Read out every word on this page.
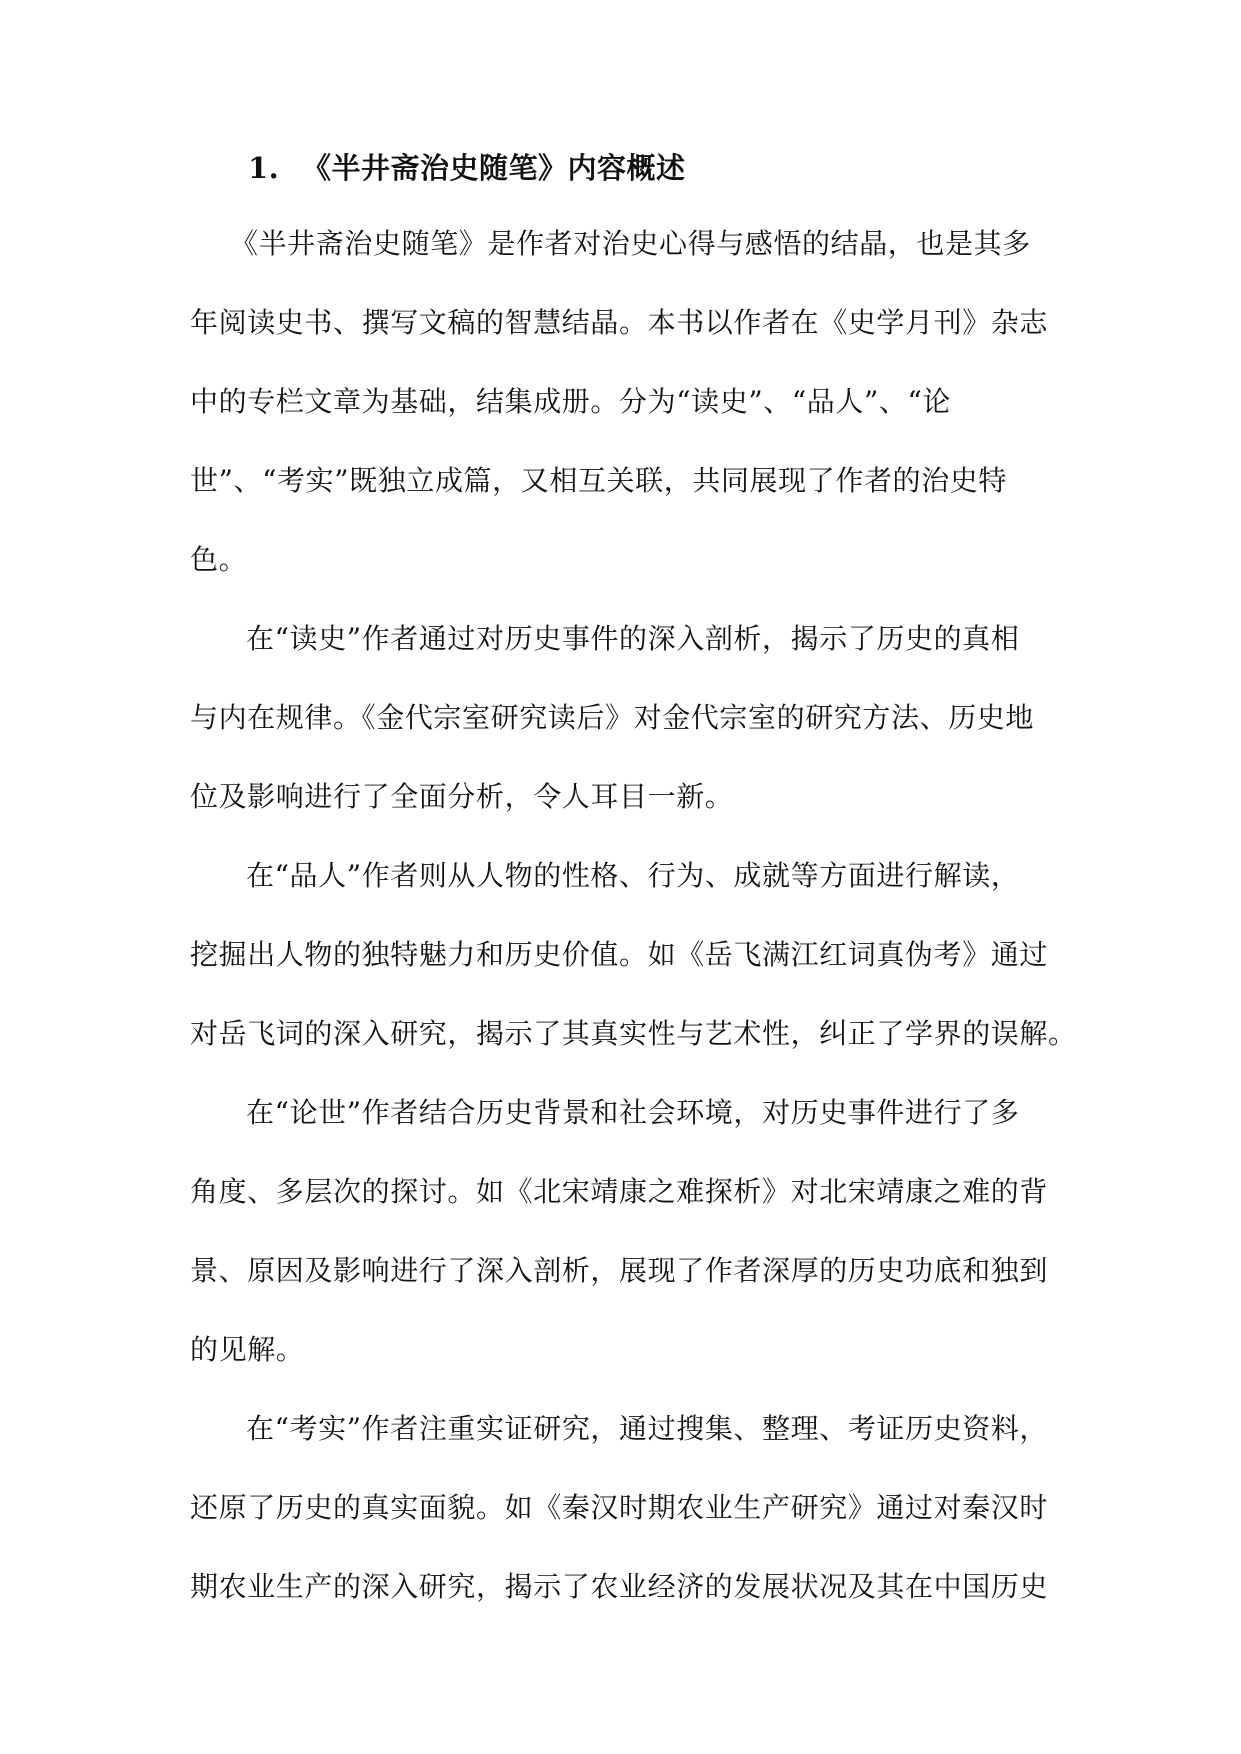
1. 《半井斋治史随笔》内容概述
《半井斋治史随笔》是作者对治史心得与感悟的结晶，也是其多
年阅读史书、撰写文稿的智慧结晶。本书以作者在《史学月刊》杂志
中的专栏文章为基础，结集成册。分为“读史”、“品人”、“论
世”、“考实”既独立成篇，又相互关联，共同展现了作者的治史特
色。
在“读史”作者通过对历史事件的深入剖析，揭示了历史的真相
与内在规律。《金代宗室研究读后》对金代宗室的研究方法、历史地
位及影响进行了全面分析，令人耳目一新。
在“品人”作者则从人物的性格、行为、成就等方面进行解读，
挖掘出人物的独特魅力和历史价值。如《岳飞满江红词真伪考》通过
对岳飞词的深入研究，揭示了其真实性与艺术性，纠正了学界的误解。
在“论世”作者结合历史背景和社会环境，对历史事件进行了多
角度、多层次的探讨。如《北宋靖康之难探析》对北宋靖康之难的背
景、原因及影响进行了深入剖析，展现了作者深厚的历史功底和独到
的见解。
在“考实”作者注重实证研究，通过搜集、整理、考证历史资料，
还原了历史的真实面貌。如《秦汉时期农业生产研究》通过对秦汉时
期农业生产的深入研究，揭示了农业经济的发展状况及其在中国历史
